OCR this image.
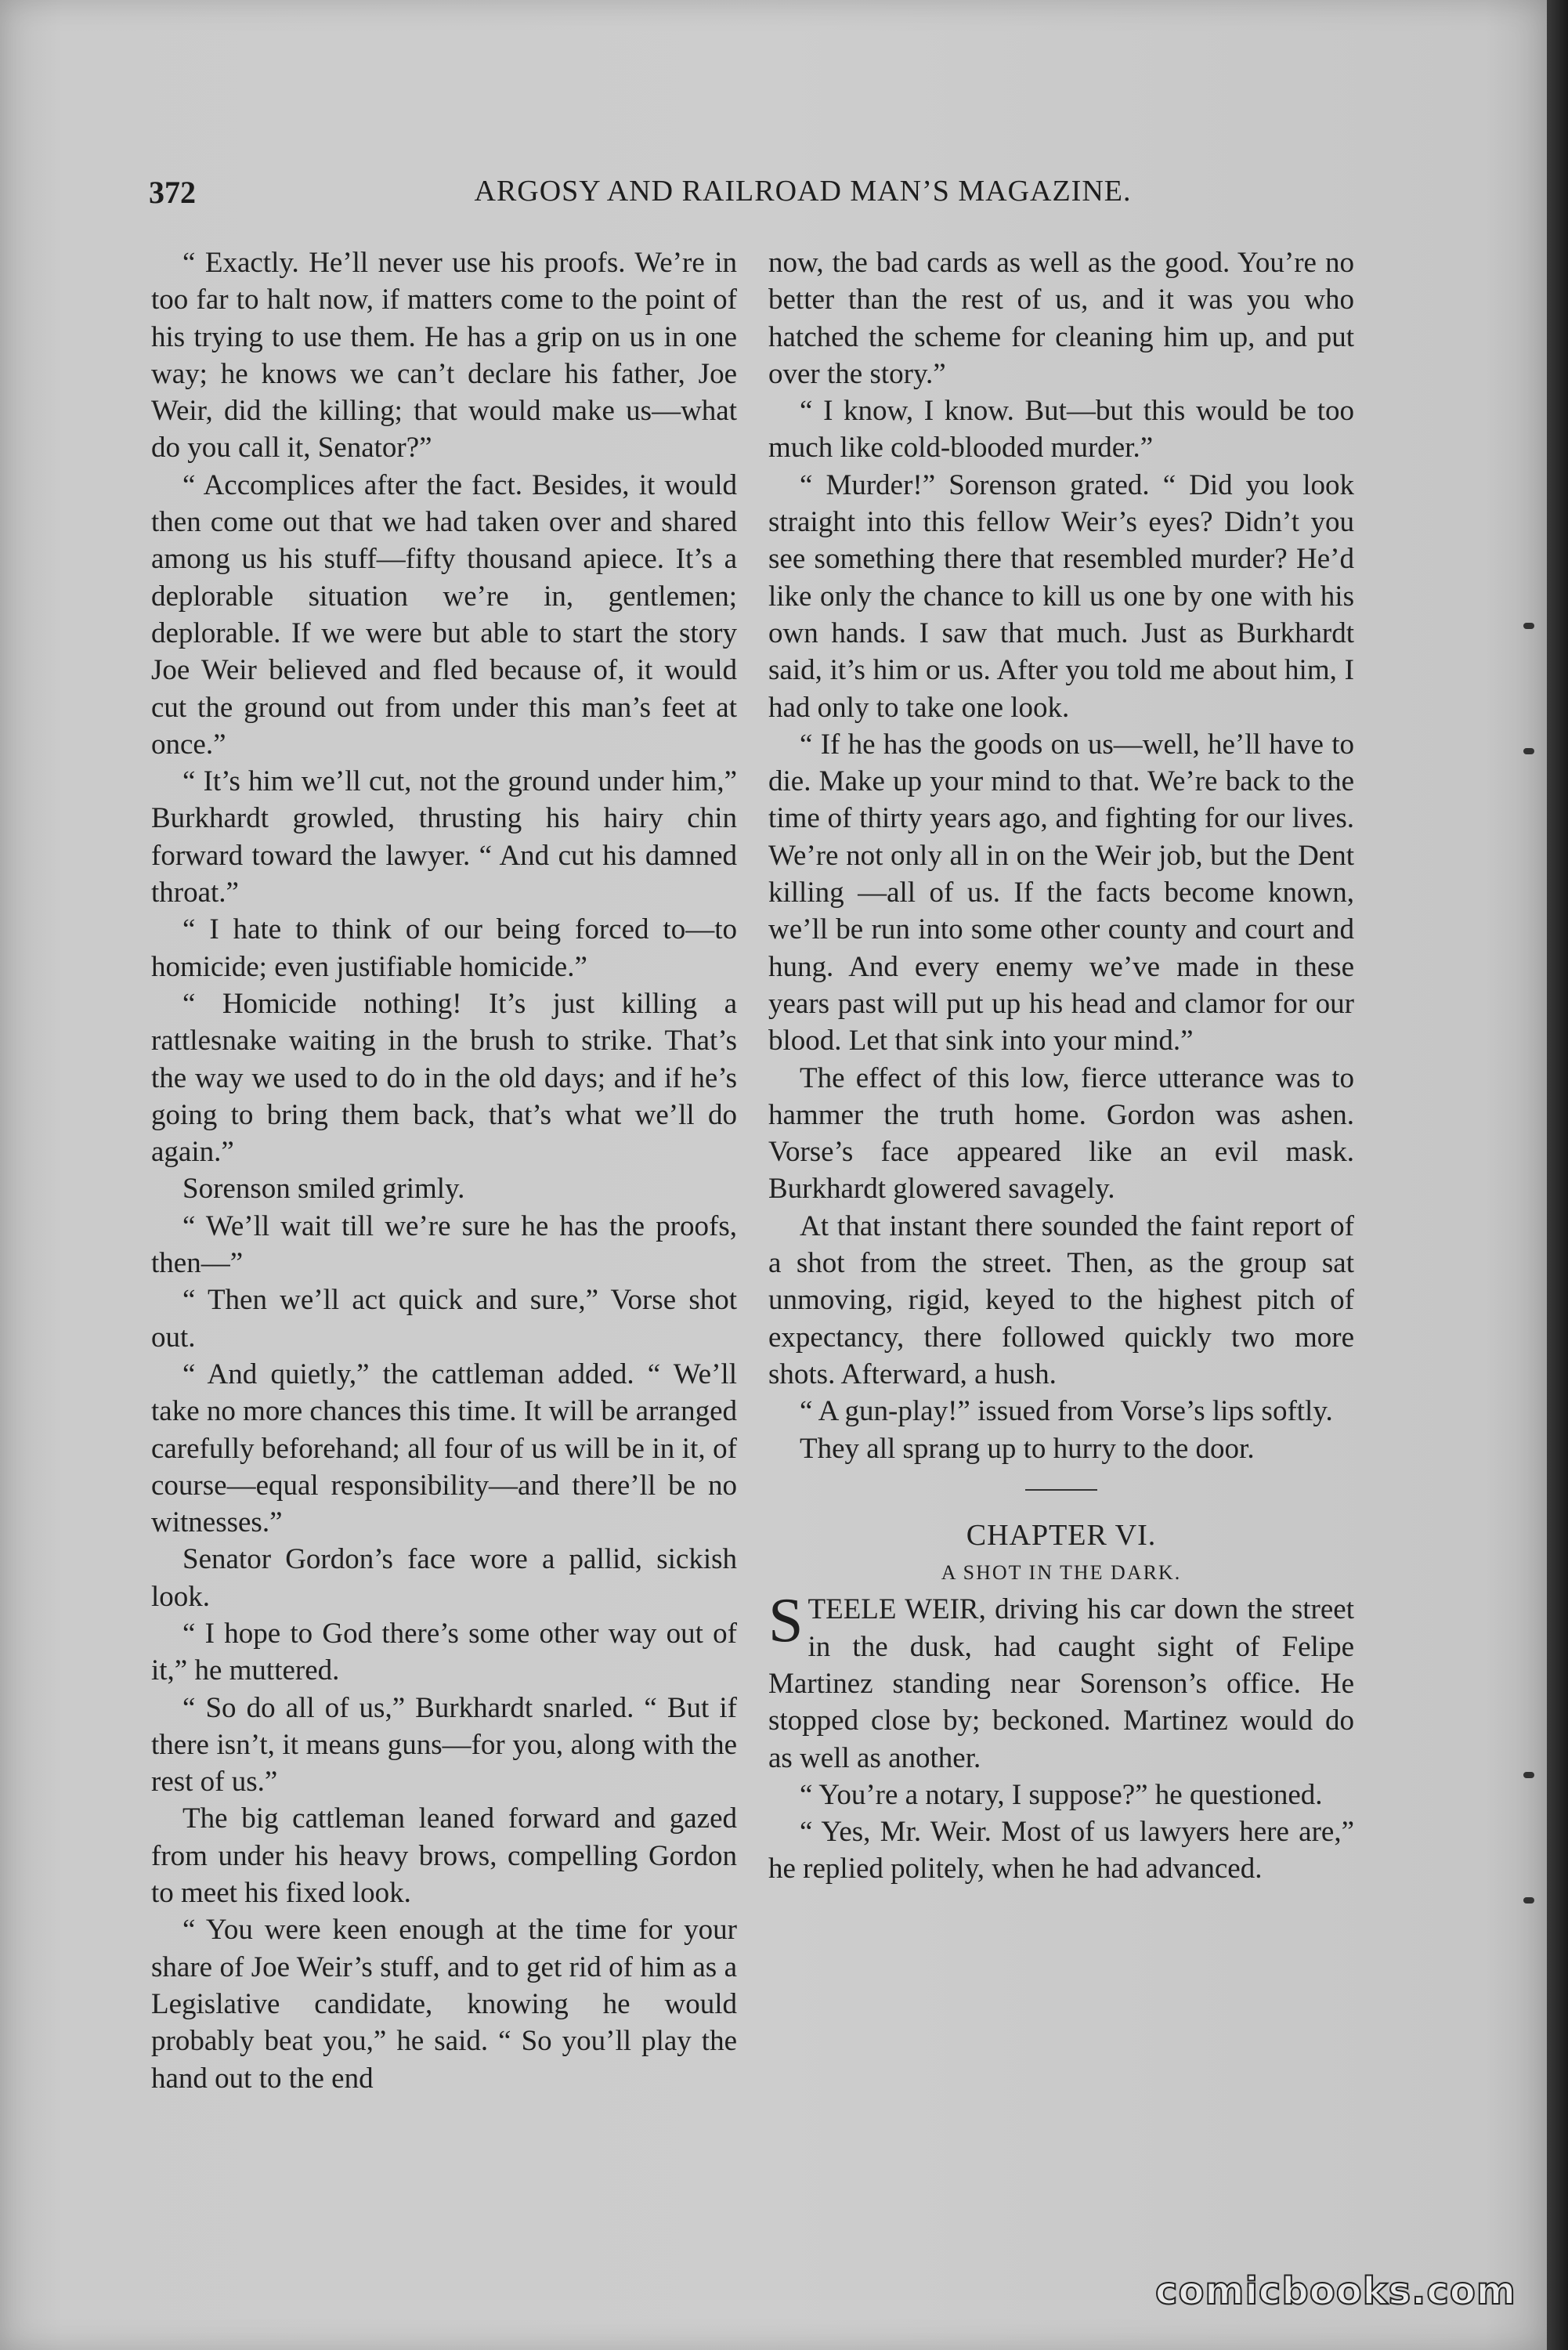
372	ARGOSY AND RAILROAD MAN’S MAGAZINE.

“ Exactly. He’ll never use his proofs. We’re in too far to halt now, if matters come to the point of his trying to use them. He has a grip on us in one way; he knows we can’t declare his father, Joe Weir, did the killing; that would make us—what do you call it, Senator?”

“ Accomplices after the fact. Besides, it would then come out that we had taken over and shared among us his stuff—fifty thousand apiece. It’s a deplorable situation we’re in, gentlemen; deplorable. If we were but able to start the story Joe Weir believed and fled because of, it would cut the ground out from under this man’s feet at once.”

“ It’s him we’ll cut, not the ground under him,” Burkhardt growled, thrusting his hairy chin forward toward the lawyer. “ And cut his damned throat.”

“ I hate to think of our being forced to—to homicide; even justifiable homicide.”

“ Homicide nothing! It’s just killing a rattlesnake waiting in the brush to strike. That’s the way we used to do in the old days; and if he’s going to bring them back, that’s what we’ll do again.”

Sorenson smiled grimly.

“ We’ll wait till we’re sure he has the proofs, then—”

“ Then we’ll act quick and sure,” Vorse shot out.

“ And quietly,” the cattleman added. “ We’ll take no more chances this time. It will be arranged carefully beforehand; all four of us will be in it, of course—equal responsibility—and there’ll be no witnesses.”

Senator Gordon’s face wore a pallid, sickish look.

“ I hope to God there’s some other way out of it,” he muttered.

“ So do all of us,” Burkhardt snarled. “ But if there isn’t, it means guns—for you, along with the rest of us.”

The big cattleman leaned forward and gazed from under his heavy brows, compelling Gordon to meet his fixed look.

“ You were keen enough at the time for your share of Joe Weir’s stuff, and to get rid of him as a Legislative candidate, knowing he would probably beat you,” he said. “ So you’ll play the hand out to the end

now, the bad cards as well as the good. You’re no better than the rest of us, and it was you who hatched the scheme for cleaning him up, and put over the story.”

“ I know, I know. But—but this would be too much like cold-blooded murder.”

“ Murder!” Sorenson grated. “ Did you look straight into this fellow Weir’s eyes? Didn’t you see something there that resembled murder? He’d like only the chance to kill us one by one with his own hands. I saw that much. Just as Burkhardt said, it’s him or us. After you told me about him, I had only to take one look.

“ If he has the goods on us—well, he’ll have to die. Make up your mind to that. We’re back to the time of thirty years ago, and fighting for our lives. We’re not only all in on the Weir job, but the Dent killing —all of us. If the facts become known, we’ll be run into some other county and court and hung. And every enemy we’ve made in these years past will put up his head and clamor for our blood. Let that sink into your mind.”

The effect of this low, fierce utterance was to hammer the truth home. Gordon was ashen. Vorse’s face appeared like an evil mask. Burkhardt glowered savagely.

At that instant there sounded the faint report of a shot from the street. Then, as the group sat unmoving, rigid, keyed to the highest pitch of expectancy, there followed quickly two more shots. Afterward, a hush.

“ A gun-play!” issued from Vorse’s lips softly.

They all sprang up to hurry to the door.

CHAPTER VI.

A SHOT IN THE DARK.

STEELE WEIR, driving his car down the street in the dusk, had caught sight of Felipe Martinez standing near Sorenson’s office. He stopped close by; beckoned. Martinez would do as well as another.

“ You’re a notary, I suppose?” he questioned.

“ Yes, Mr. Weir. Most of us lawyers here are,” he replied politely, when he had advanced.

comicbooks.com
